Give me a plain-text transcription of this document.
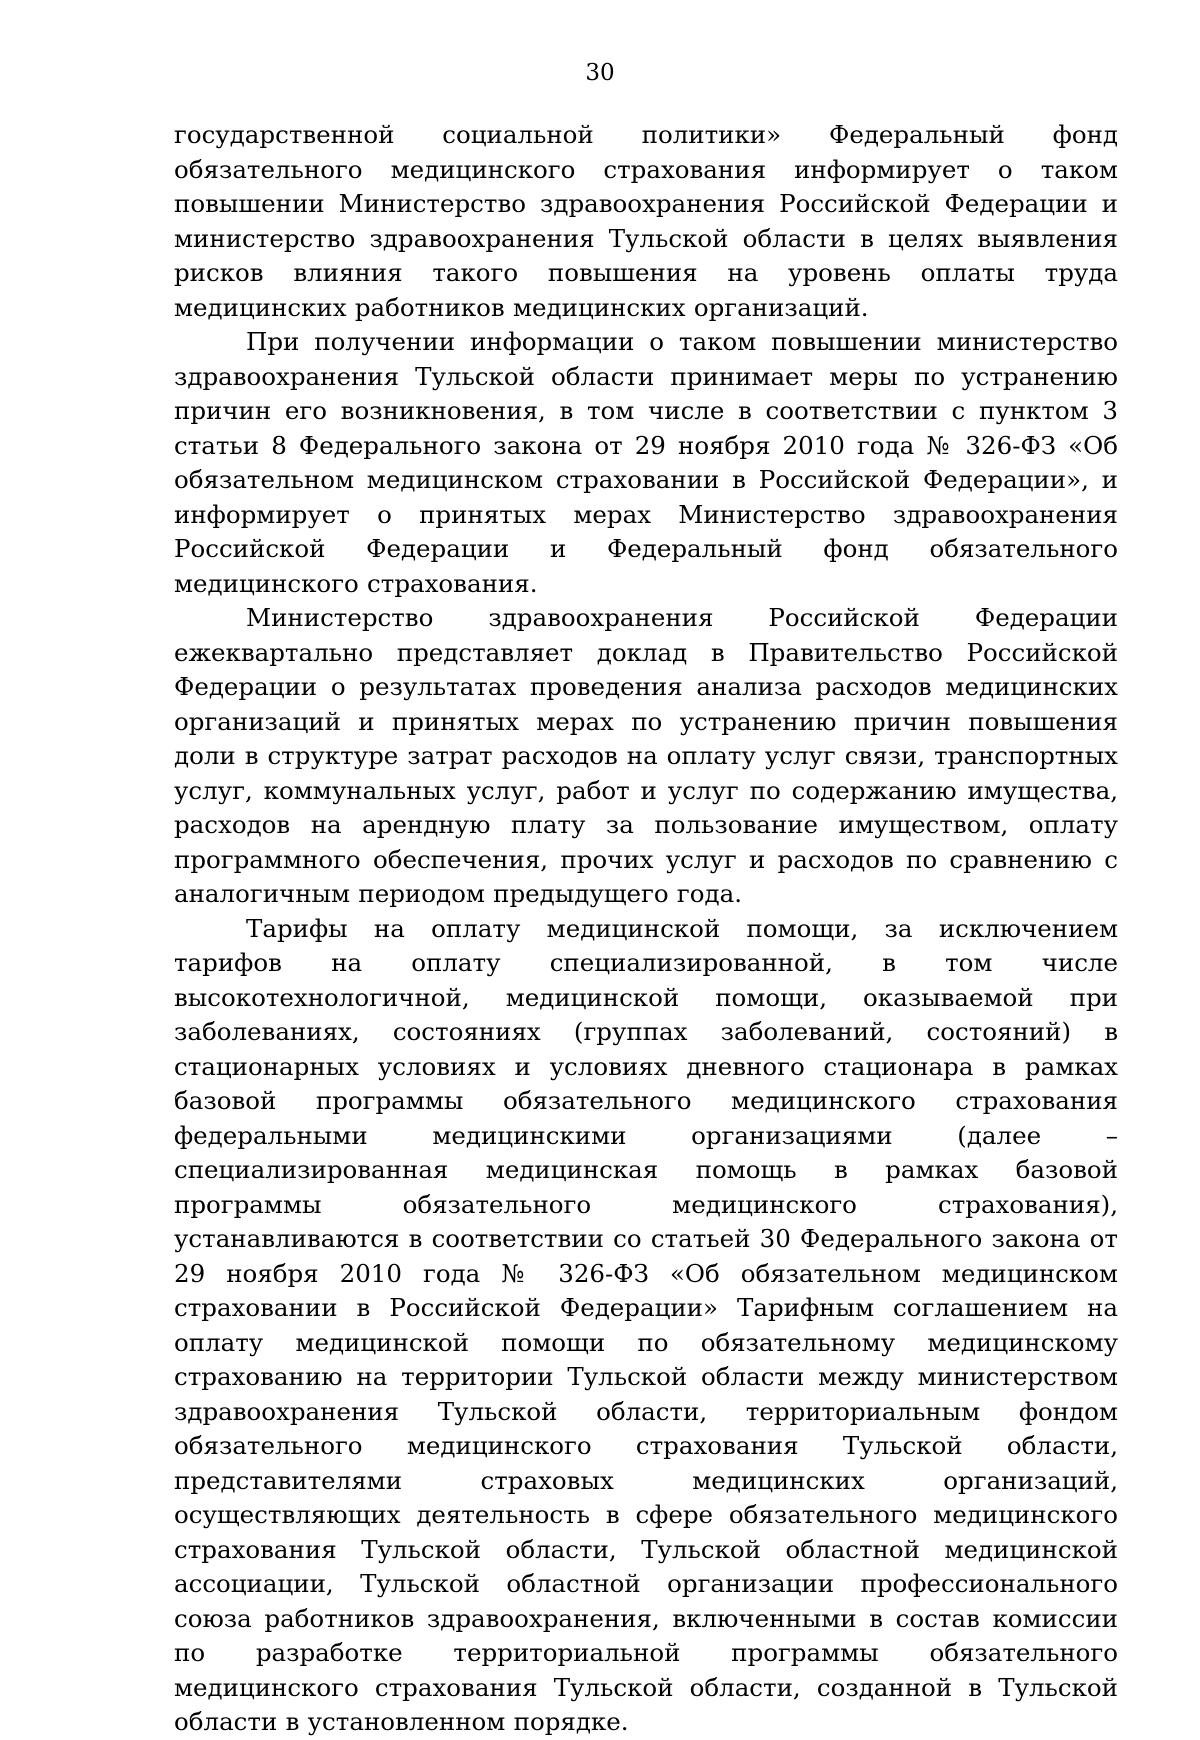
30

государственной социальной политики» Федеральный фонд обязательного медицинского страхования информирует о таком повышении Министерство здравоохранения Российской Федерации и министерство здравоохранения Тульской области в целях выявления рисков влияния такого повышения на уровень оплаты труда медицинских работников медицинских организаций.

При получении информации о таком повышении министерство здравоохранения Тульской области принимает меры по устранению причин его возникновения, в том числе в соответствии с пунктом 3 статьи 8 Федерального закона от 29 ноября 2010 года № 326-ФЗ «Об обязательном медицинском страховании в Российской Федерации», и информирует о принятых мерах Министерство здравоохранения Российской Федерации и Федеральный фонд обязательного медицинского страхования.

Министерство здравоохранения Российской Федерации ежеквартально представляет доклад в Правительство Российской Федерации о результатах проведения анализа расходов медицинских организаций и принятых мерах по устранению причин повышения доли в структуре затрат расходов на оплату услуг связи, транспортных услуг, коммунальных услуг, работ и услуг по содержанию имущества, расходов на арендную плату за пользование имуществом, оплату программного обеспечения, прочих услуг и расходов по сравнению с аналогичным периодом предыдущего года.

Тарифы на оплату медицинской помощи, за исключением тарифов на оплату специализированной, в том числе высокотехнологичной, медицинской помощи, оказываемой при заболеваниях, состояниях (группах заболеваний, состояний) в стационарных условиях и условиях дневного стационара в рамках базовой программы обязательного медицинского страхования федеральными медицинскими организациями (далее – специализированная медицинская помощь в рамках базовой программы обязательного медицинского страхования), устанавливаются в соответствии со статьей 30 Федерального закона от 29 ноября 2010 года № 326-ФЗ «Об обязательном медицинском страховании в Российской Федерации» Тарифным соглашением на оплату медицинской помощи по обязательному медицинскому страхованию на территории Тульской области между министерством здравоохранения Тульской области, территориальным фондом обязательного медицинского страхования Тульской области, представителями страховых медицинских организаций, осуществляющих деятельность в сфере обязательного медицинского страхования Тульской области, Тульской областной медицинской ассоциации, Тульской областной организации профессионального союза работников здравоохранения, включенными в состав комиссии по разработке территориальной программы обязательного медицинского страхования Тульской области, созданной в Тульской области в установленном порядке.
